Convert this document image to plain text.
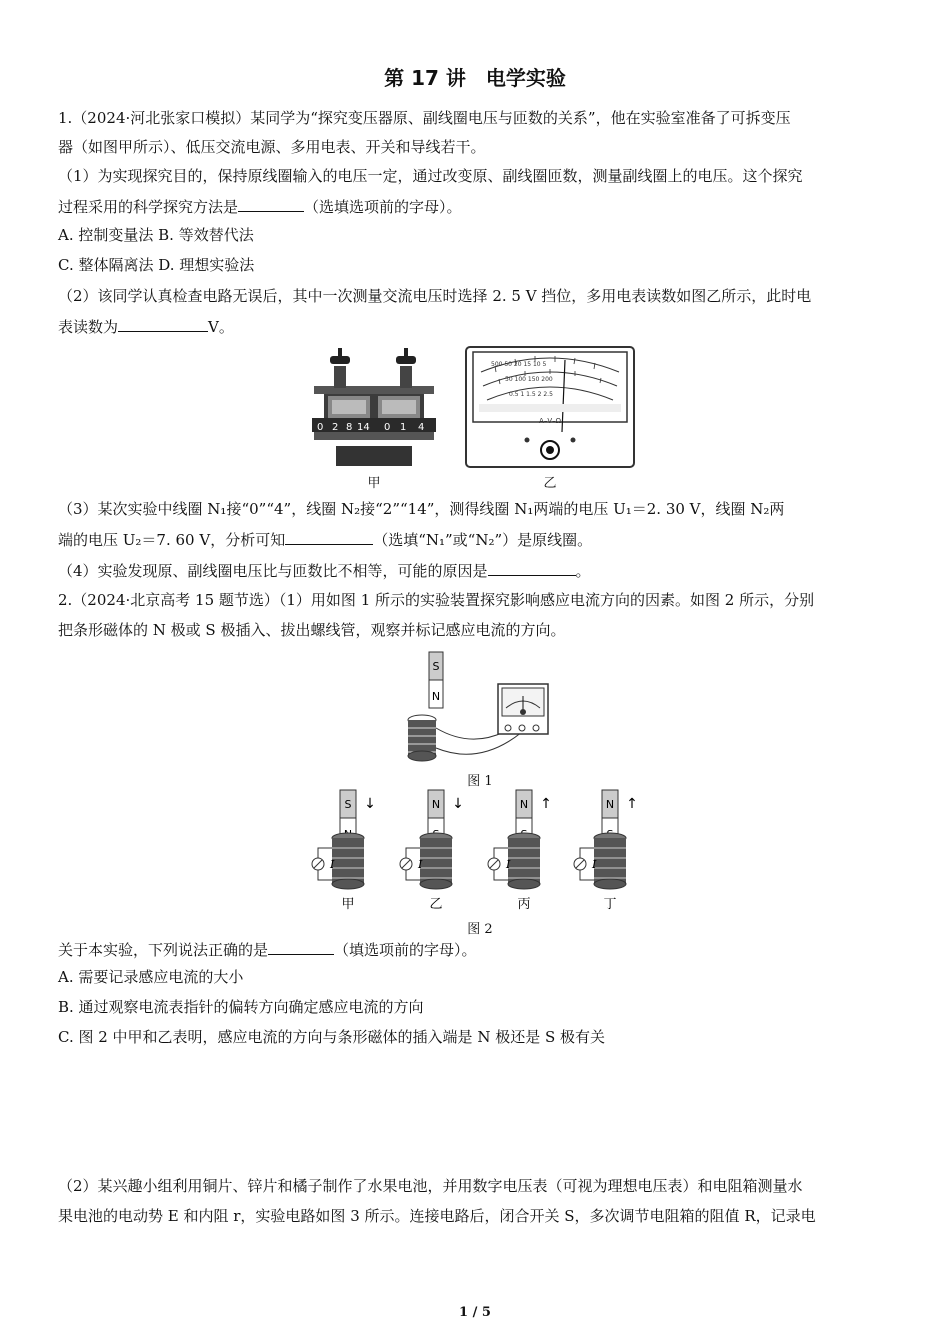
第 17 讲 电学实验
1.（2024·河北张家口模拟）某同学为“探究变压器原、副线圈电压与匝数的关系”，他在实验室准备了可拆变压
器（如图甲所示）、低压交流电源、多用电表、开关和导线若干。
（1）为实现探究目的，保持原线圈输入的电压一定，通过改变原、副线圈匝数，测量副线圈上的电压。这个探究
过程采用的科学探究方法是	（选填选项前的字母）。
A. 控制变量法 B. 等效替代法
C. 整体隔离法 D. 理想实验法
（2）该同学认真检查电路无误后，其中一次测量交流电压时选择 2. 5 V 挡位，多用电表读数如图乙所示，此时电
表读数为	V。
0 2 8 14 0 1 4
甲
500 50 20 15 10 5
50 100 150 200
0.5 1 1.5 2 2.5
A–V–Ω
乙
（3）某次实验中线圈 N₁接“0”“4”，线圈 N₂接“2”“14”，测得线圈 N₁两端的电压 U₁＝2. 30 V，线圈 N₂两
端的电压 U₂＝7. 60 V，分析可知	（选填“N₁”或“N₂”）是原线圈。
（4）实验发现原、副线圈电压比与匝数比不相等，可能的原因是	。
2.（2024·北京高考 15 题节选）（1）用如图 1 所示的实验装置探究影响感应电流方向的因素。如图 2 所示，分别
把条形磁体的 N 极或 S 极插入、拔出螺线管，观察并标记感应电流的方向。
S
N
图 1
S ↓
I
甲
N ↓
I
乙
N ↑
I
丙
N ↑
I
丁
图 2
关于本实验，下列说法正确的是	（填选项前的字母）。
A. 需要记录感应电流的大小
B. 通过观察电流表指针的偏转方向确定感应电流的方向
C. 图 2 中甲和乙表明，感应电流的方向与条形磁体的插入端是 N 极还是 S 极有关
（2）某兴趣小组利用铜片、锌片和橘子制作了水果电池，并用数字电压表（可视为理想电压表）和电阻箱测量水
果电池的电动势 E 和内阻 r，实验电路如图 3 所示。连接电路后，闭合开关 S，多次调节电阻箱的阻值 R，记录电
1 / 5
